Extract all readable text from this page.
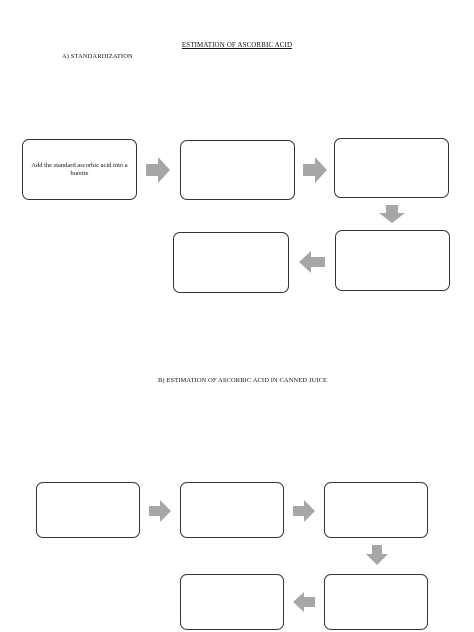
ESTIMATION OF ASCORBIC ACID
A) STANDARDIZATION
Add the standard ascorbic acid into a burette
B) ESTIMATION OF ASCORBIC ACID IN CANNED JUICE
